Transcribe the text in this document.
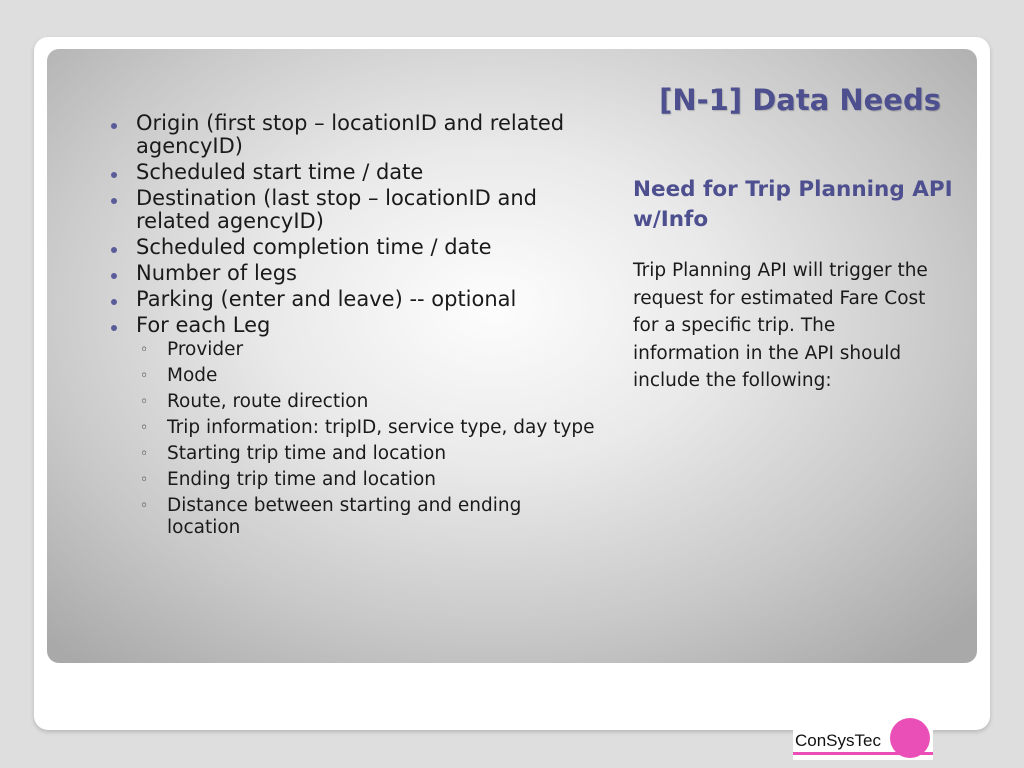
[N-1] Data Needs
Origin (first stop – locationID and related agencyID)
Scheduled start time / date
Destination (last stop – locationID and related agencyID)
Scheduled completion time / date
Number of legs
Parking (enter and leave) -- optional
For each Leg
◦ Provider
◦ Mode
◦ Route, route direction
◦ Trip information: tripID, service type, day type
◦ Starting trip time and location
◦ Ending trip time and location
◦ Distance between starting and ending location
Need for Trip Planning API w/Info

Trip Planning API will trigger the request for estimated Fare Cost for a specific trip. The information in the API should include the following:

ConSysTec
